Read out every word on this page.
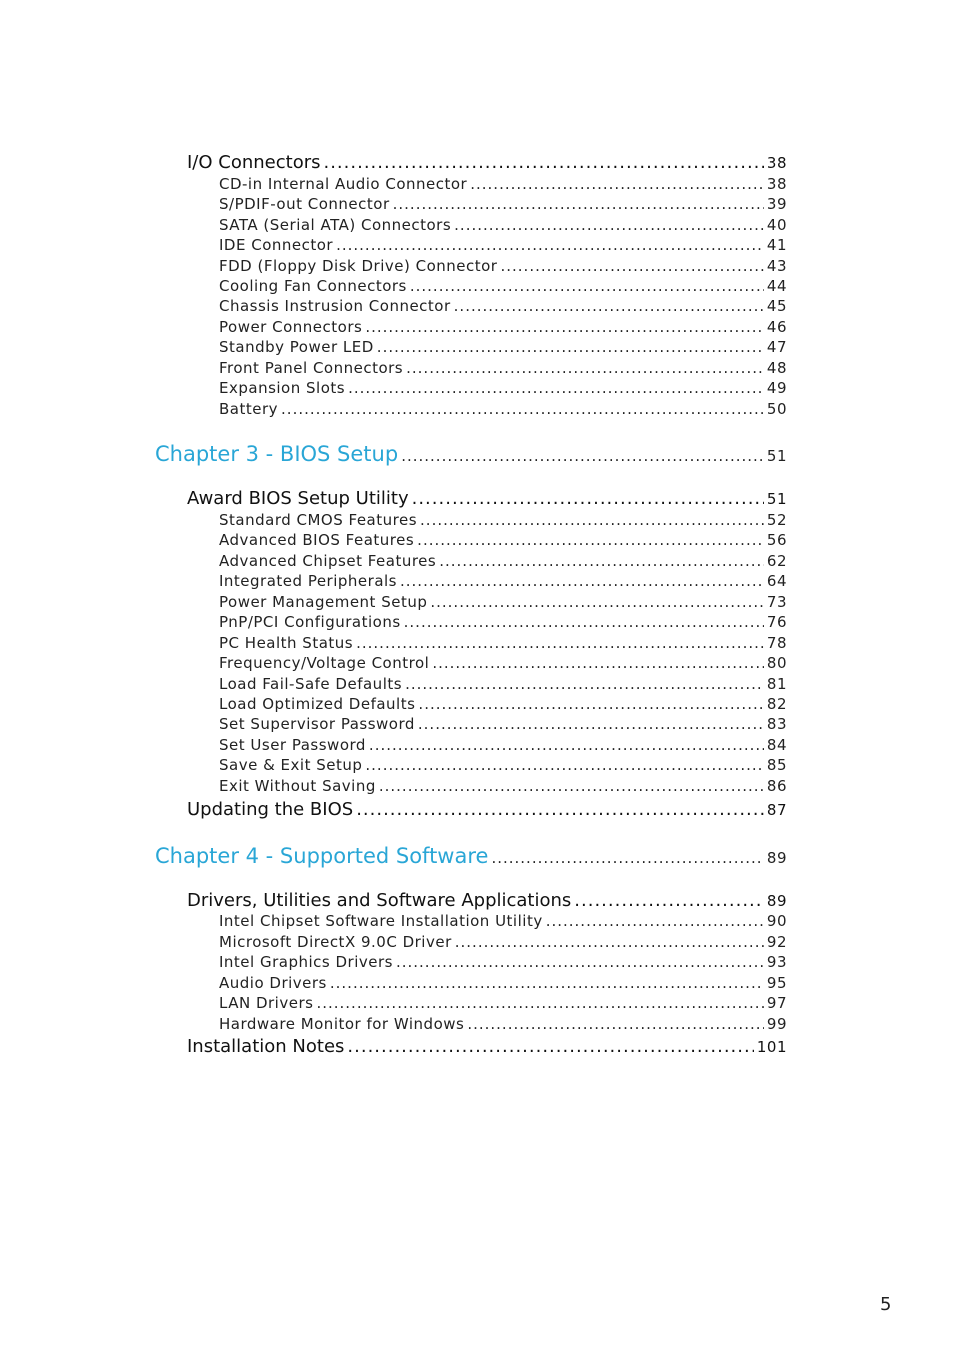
I/O Connectors .....	38
CD-in Internal Audio Connector .....	38
S/PDIF-out Connector .....	39
SATA (Serial ATA) Connectors .....	40
IDE Connector .....	41
FDD (Floppy Disk Drive) Connector .....	43
Cooling Fan Connectors .....	44
Chassis Instrusion Connector .....	45
Power Connectors .....	46
Standby Power LED .....	47
Front Panel Connectors .....	48
Expansion Slots .....	49
Battery .....	50
Chapter 3 - BIOS Setup .....	51
Award BIOS Setup Utility .....	51
Standard CMOS Features .....	52
Advanced BIOS Features .....	56
Advanced Chipset Features .....	62
Integrated Peripherals .....	64
Power Management Setup .....	73
PnP/PCI Configurations .....	76
PC Health Status .....	78
Frequency/Voltage Control .....	80
Load Fail-Safe Defaults .....	81
Load Optimized Defaults .....	82
Set Supervisor Password .....	83
Set User Password .....	84
Save & Exit Setup .....	85
Exit Without Saving .....	86
Updating the BIOS .....	87
Chapter 4 - Supported Software .....	89
Drivers, Utilities and Software Applications .....	89
Intel Chipset Software Installation Utility .....	90
Microsoft DirectX 9.0C Driver .....	92
Intel Graphics Drivers .....	93
Audio Drivers .....	95
LAN Drivers .....	97
Hardware Monitor for Windows .....	99
Installation Notes .....	101
5
